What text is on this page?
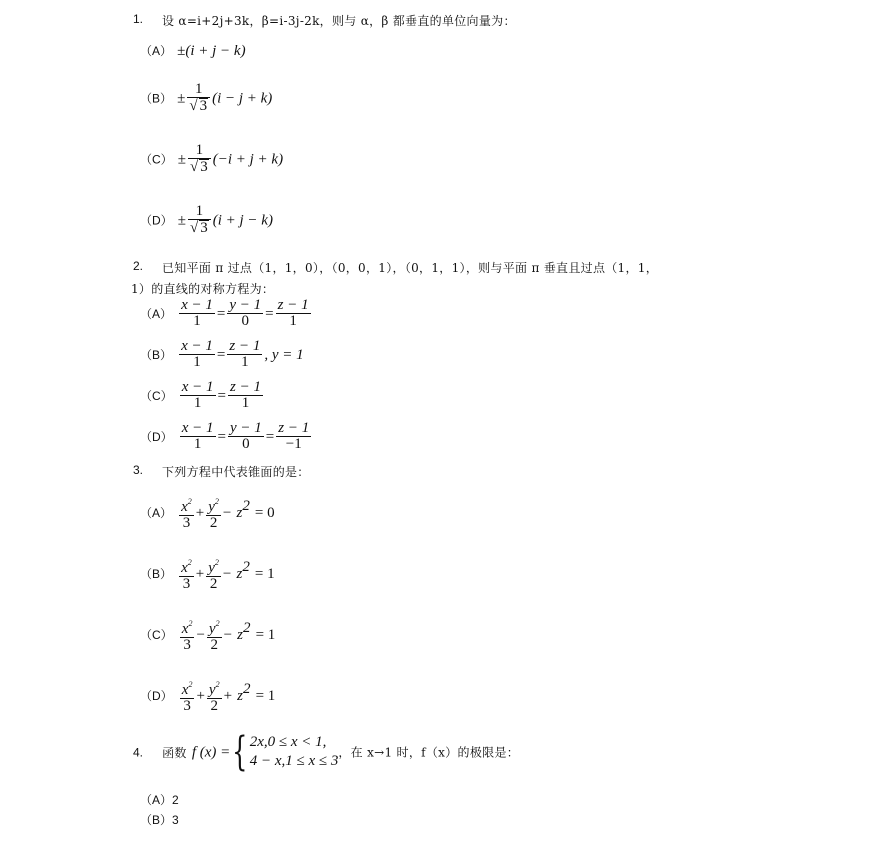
1. 设 α=i+2j+3k，β=i-3j-2k，则与 α，β 都垂直的单位向量为：
（A） ±(i + j − k)
$(B) \pm \frac{1}{√ 3} (i - j + k)$
$(C) \pm \frac{1}{√ 3} (-i + j + k)$
$(D) \pm \frac{1}{√ 3} (i + j - k)$
2. 已知平面 π 过点（1，1，0），（0，0，1），（0，1，1），则与平面 π 垂直且过点（1，1，
1）的直线的对称方程为：
$(A) \frac{x - 1}{1} = \frac{y - 1}{0} = \frac{z - 1}{1}$
$(B) \frac{x - 1}{1} = \frac{z - 1}{1}$ , y = 1
$(C) \frac{x - 1}{1} = \frac{z - 1}{1}$
$(D) \frac{x - 1}{1} = \frac{y - 1}{0} = \frac{z - 1}{-1}$
3. 下列方程中代表锥面的是：
$(A) \frac{x^2}{3} + \frac{y^2}{2} - z^2 = 0$
$(B) \frac{x^2}{3} + \frac{y^2}{2} - z^2 = 1$
$(C) \frac{x^2}{3} - \frac{y^2}{2} - z^2 = 1$
$(D) \frac{x^2}{3} + \frac{y^2}{2} + z^2 = 1$
4. 函数 f (x) ={ 2x,0 ≤ x < 1,
4 − x,1 ≤ x ≤ 3
，在 x→1 时，f（x）的极限是：
（A）2
（B）3
